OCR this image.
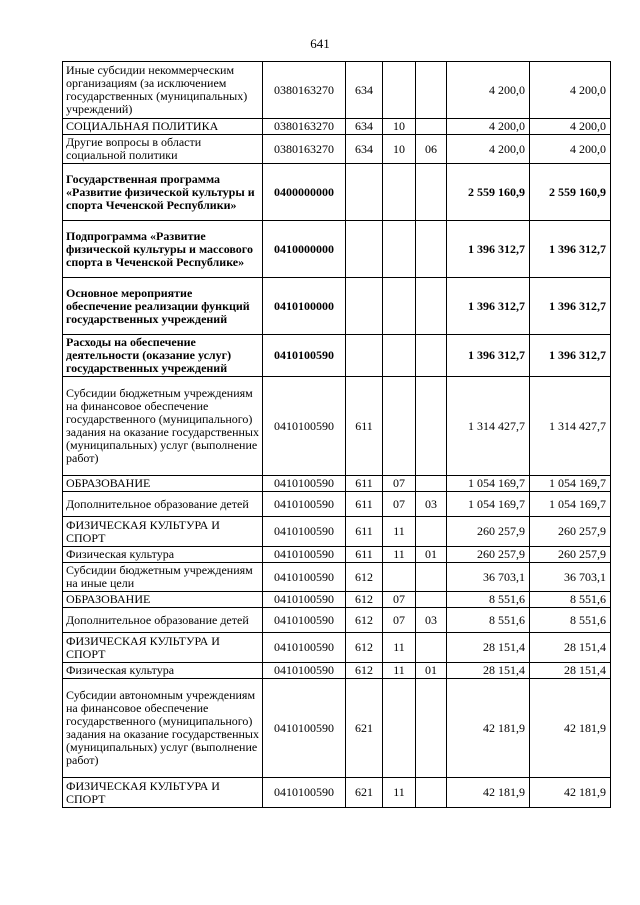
641
Иные субсидии некоммерческим организациям (за исключением государственных (муниципальных) учреждений)	0380163270	634			4 200,0	4 200,0
СОЦИАЛЬНАЯ ПОЛИТИКА	0380163270	634	10		4 200,0	4 200,0
Другие вопросы в области социальной политики	0380163270	634	10	06	4 200,0	4 200,0
Государственная программа «Развитие физической культуры и спорта Чеченской Республики»	0400000000				2 559 160,9	2 559 160,9
Подпрограмма «Развитие физической культуры и массового спорта в Чеченской Республике»	0410000000				1 396 312,7	1 396 312,7
Основное мероприятие обеспечение реализации функций государственных учреждений	0410100000				1 396 312,7	1 396 312,7
Расходы на обеспечение деятельности (оказание услуг) государственных учреждений	0410100590				1 396 312,7	1 396 312,7
Субсидии бюджетным учреждениям на финансовое обеспечение государственного (муниципального) задания на оказание государственных (муниципальных) услуг (выполнение работ)	0410100590	611			1 314 427,7	1 314 427,7
ОБРАЗОВАНИЕ	0410100590	611	07		1 054 169,7	1 054 169,7
Дополнительное образование детей	0410100590	611	07	03	1 054 169,7	1 054 169,7
ФИЗИЧЕСКАЯ КУЛЬТУРА И СПОРТ	0410100590	611	11		260 257,9	260 257,9
Физическая культура	0410100590	611	11	01	260 257,9	260 257,9
Субсидии бюджетным учреждениям на иные цели	0410100590	612			36 703,1	36 703,1
ОБРАЗОВАНИЕ	0410100590	612	07		8 551,6	8 551,6
Дополнительное образование детей	0410100590	612	07	03	8 551,6	8 551,6
ФИЗИЧЕСКАЯ КУЛЬТУРА И СПОРТ	0410100590	612	11		28 151,4	28 151,4
Физическая культура	0410100590	612	11	01	28 151,4	28 151,4
Субсидии автономным учреждениям на финансовое обеспечение государственного (муниципального) задания на оказание государственных (муниципальных) услуг (выполнение работ)	0410100590	621			42 181,9	42 181,9
ФИЗИЧЕСКАЯ КУЛЬТУРА И СПОРТ	0410100590	621	11		42 181,9	42 181,9
